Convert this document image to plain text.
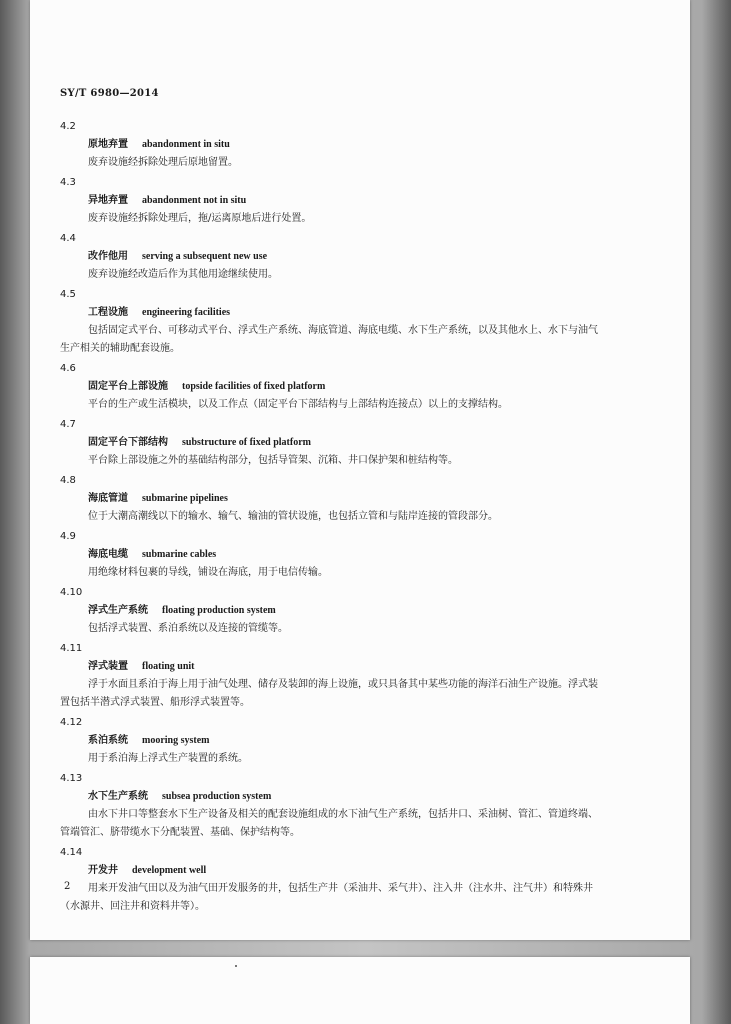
SY/T 6980—2014
4.2
原地弃置 abandonment in situ
废弃设施经拆除处理后原地留置。
4.3
异地弃置 abandonment not in situ
废弃设施经拆除处理后，拖/运离原地后进行处置。
4.4
改作他用 serving a subsequent new use
废弃设施经改造后作为其他用途继续使用。
4.5
工程设施 engineering facilities
包括固定式平台、可移动式平台、浮式生产系统、海底管道、海底电缆、水下生产系统，以及其他水上、水下与油气生产相关的辅助配套设施。
4.6
固定平台上部设施 topside facilities of fixed platform
平台的生产或生活模块，以及工作点（固定平台下部结构与上部结构连接点）以上的支撑结构。
4.7
固定平台下部结构 substructure of fixed platform
平台除上部设施之外的基础结构部分，包括导管架、沉箱、井口保护架和桩结构等。
4.8
海底管道 submarine pipelines
位于大潮高潮线以下的输水、输气、输油的管状设施，也包括立管和与陆岸连接的管段部分。
4.9
海底电缆 submarine cables
用绝缘材料包裹的导线，铺设在海底，用于电信传输。
4.10
浮式生产系统 floating production system
包括浮式装置、系泊系统以及连接的管缆等。
4.11
浮式装置 floating unit
浮于水面且系泊于海上用于油气处理、储存及装卸的海上设施，或只具备其中某些功能的海洋石油生产设施。浮式装置包括半潜式浮式装置、船形浮式装置等。
4.12
系泊系统 mooring system
用于系泊海上浮式生产装置的系统。
4.13
水下生产系统 subsea production system
由水下井口等整套水下生产设备及相关的配套设施组成的水下油气生产系统，包括井口、采油树、管汇、管道终端、管端管汇、脐带缆水下分配装置、基础、保护结构等。
4.14
开发井 development well
用来开发油气田以及为油气田开发服务的井，包括生产井（采油井、采气井）、注入井（注水井、注气井）和特殊井（水源井、回注井和资料井等）。
2
